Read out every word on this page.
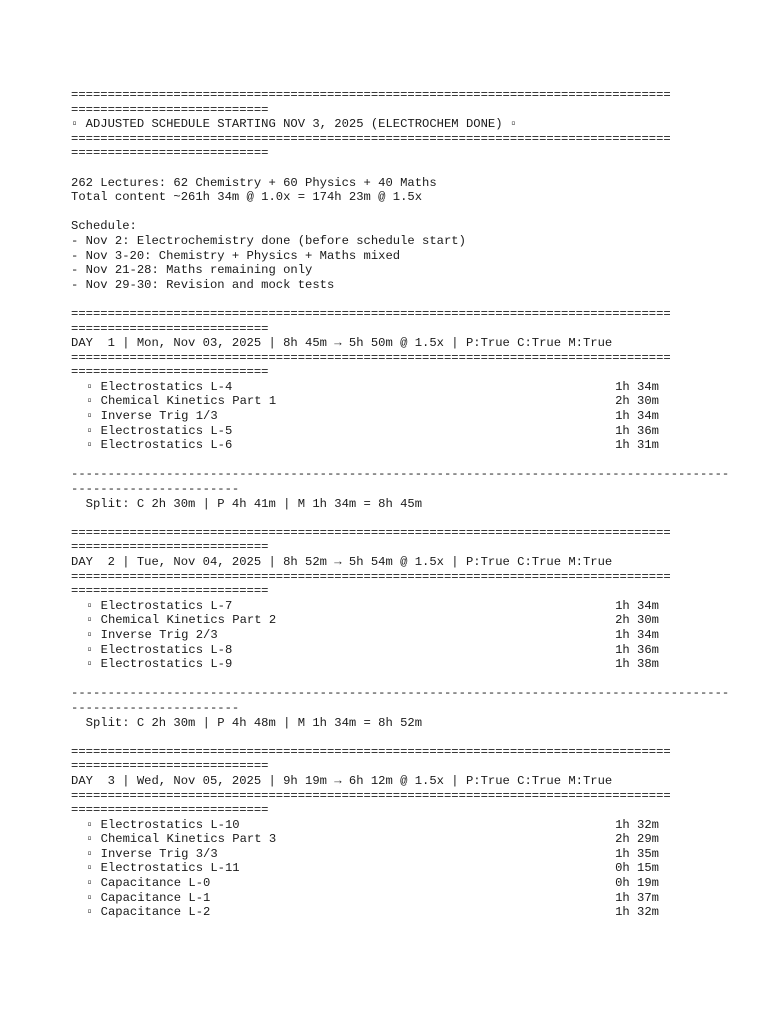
==================================================================================
===========================
▫ ADJUSTED SCHEDULE STARTING NOV 3, 2025 (ELECTROCHEM DONE) ▫
==================================================================================
===========================
262 Lectures: 62 Chemistry + 60 Physics + 40 Maths
Total content ~261h 34m @ 1.0x = 174h 23m @ 1.5x
Schedule:
- Nov 2: Electrochemistry done (before schedule start)
- Nov 3-20: Chemistry + Physics + Maths mixed
- Nov 21-28: Maths remaining only
- Nov 29-30: Revision and mock tests
==================================================================================
===========================
DAY  1 | Mon, Nov 03, 2025 | 8h 45m → 5h 50m @ 1.5x | P:True C:True M:True
==================================================================================
===========================
▫ Electrostatics L-4	1h 34m
▫ Chemical Kinetics Part 1	2h 30m
▫ Inverse Trig 1/3	1h 34m
▫ Electrostatics L-5	1h 36m
▫ Electrostatics L-6	1h 31m
------------------------------------------------------------------------------------------
-----------------------
Split: C 2h 30m | P 4h 41m | M 1h 34m = 8h 45m
==================================================================================
===========================
DAY  2 | Tue, Nov 04, 2025 | 8h 52m → 5h 54m @ 1.5x | P:True C:True M:True
==================================================================================
===========================
▫ Electrostatics L-7	1h 34m
▫ Chemical Kinetics Part 2	2h 30m
▫ Inverse Trig 2/3	1h 34m
▫ Electrostatics L-8	1h 36m
▫ Electrostatics L-9	1h 38m
------------------------------------------------------------------------------------------
-----------------------
Split: C 2h 30m | P 4h 48m | M 1h 34m = 8h 52m
==================================================================================
===========================
DAY  3 | Wed, Nov 05, 2025 | 9h 19m → 6h 12m @ 1.5x | P:True C:True M:True
==================================================================================
===========================
▫ Electrostatics L-10	1h 32m
▫ Chemical Kinetics Part 3	2h 29m
▫ Inverse Trig 3/3	1h 35m
▫ Electrostatics L-11	0h 15m
▫ Capacitance L-0	0h 19m
▫ Capacitance L-1	1h 37m
▫ Capacitance L-2	1h 32m
